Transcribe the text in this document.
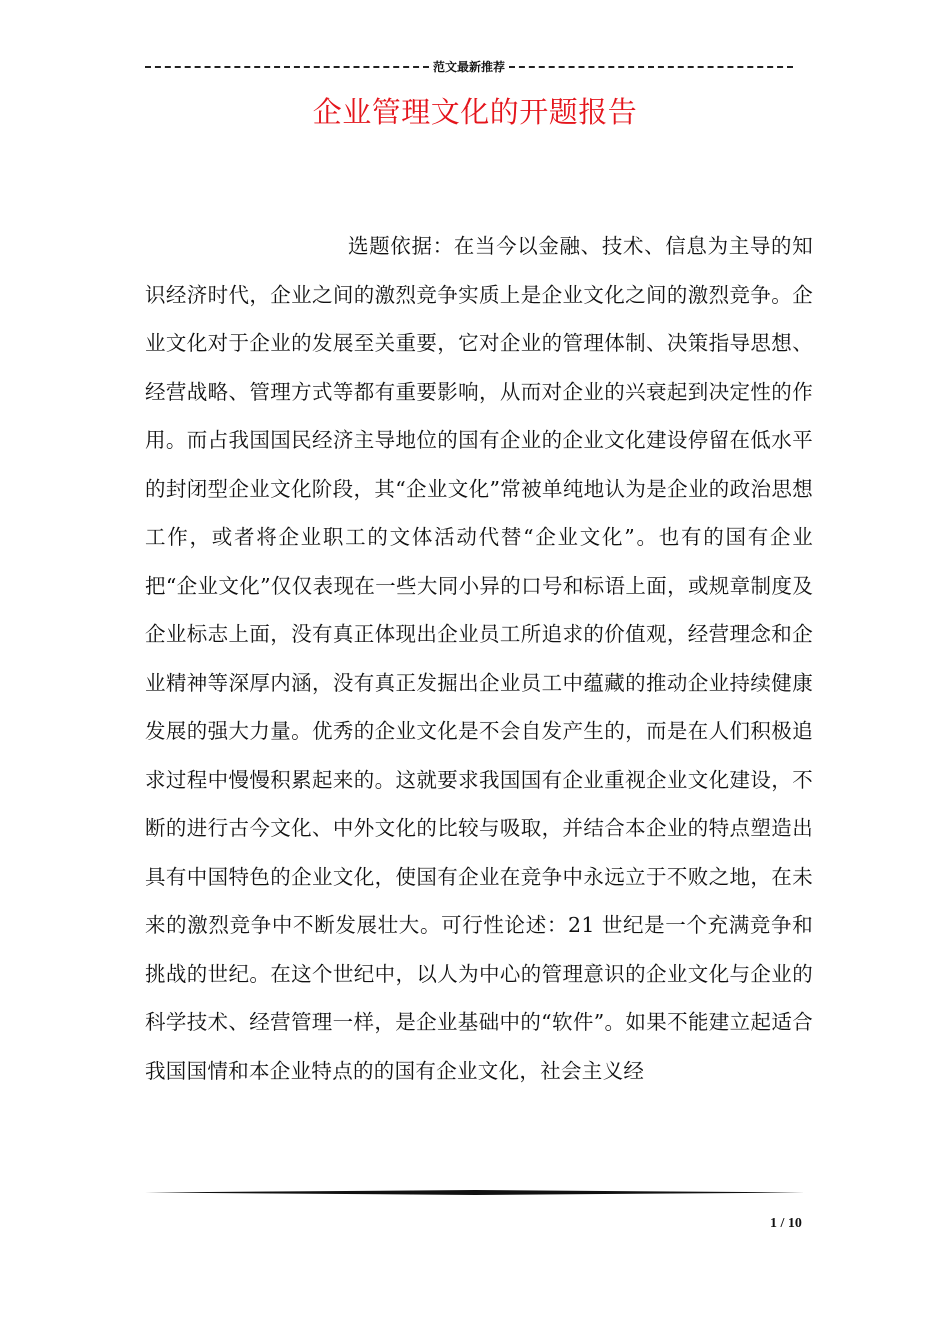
范文最新推荐
企业管理文化的开题报告
选题依据：在当今以金融、技术、信息为主导的知识经济时代，企业之间的激烈竞争实质上是企业文化之间的激烈竞争。企业文化对于企业的发展至关重要，它对企业的管理体制、决策指导思想、经营战略、管理方式等都有重要影响，从而对企业的兴衰起到决定性的作用。而占我国国民经济主导地位的国有企业的企业文化建设停留在低水平的封闭型企业文化阶段，其“企业文化”常被单纯地认为是企业的政治思想工作，或者将企业职工的文体活动代替“企业文化”。也有的国有企业把“企业文化”仅仅表现在一些大同小异的口号和标语上面，或规章制度及企业标志上面，没有真正体现出企业员工所追求的价值观，经营理念和企业精神等深厚内涵，没有真正发掘出企业员工中蕴藏的推动企业持续健康发展的强大力量。优秀的企业文化是不会自发产生的，而是在人们积极追求过程中慢慢积累起来的。这就要求我国国有企业重视企业文化建设，不断的进行古今文化、中外文化的比较与吸取，并结合本企业的特点塑造出具有中国特色的企业文化，使国有企业在竞争中永远立于不败之地，在未来的激烈竞争中不断发展壮大。可行性论述：21 世纪是一个充满竞争和挑战的世纪。在这个世纪中，以人为中心的管理意识的企业文化与企业的科学技术、经营管理一样，是企业基础中的“软件”。如果不能建立起适合我国国情和本企业特点的的国有企业文化，社会主义经
1 / 10
